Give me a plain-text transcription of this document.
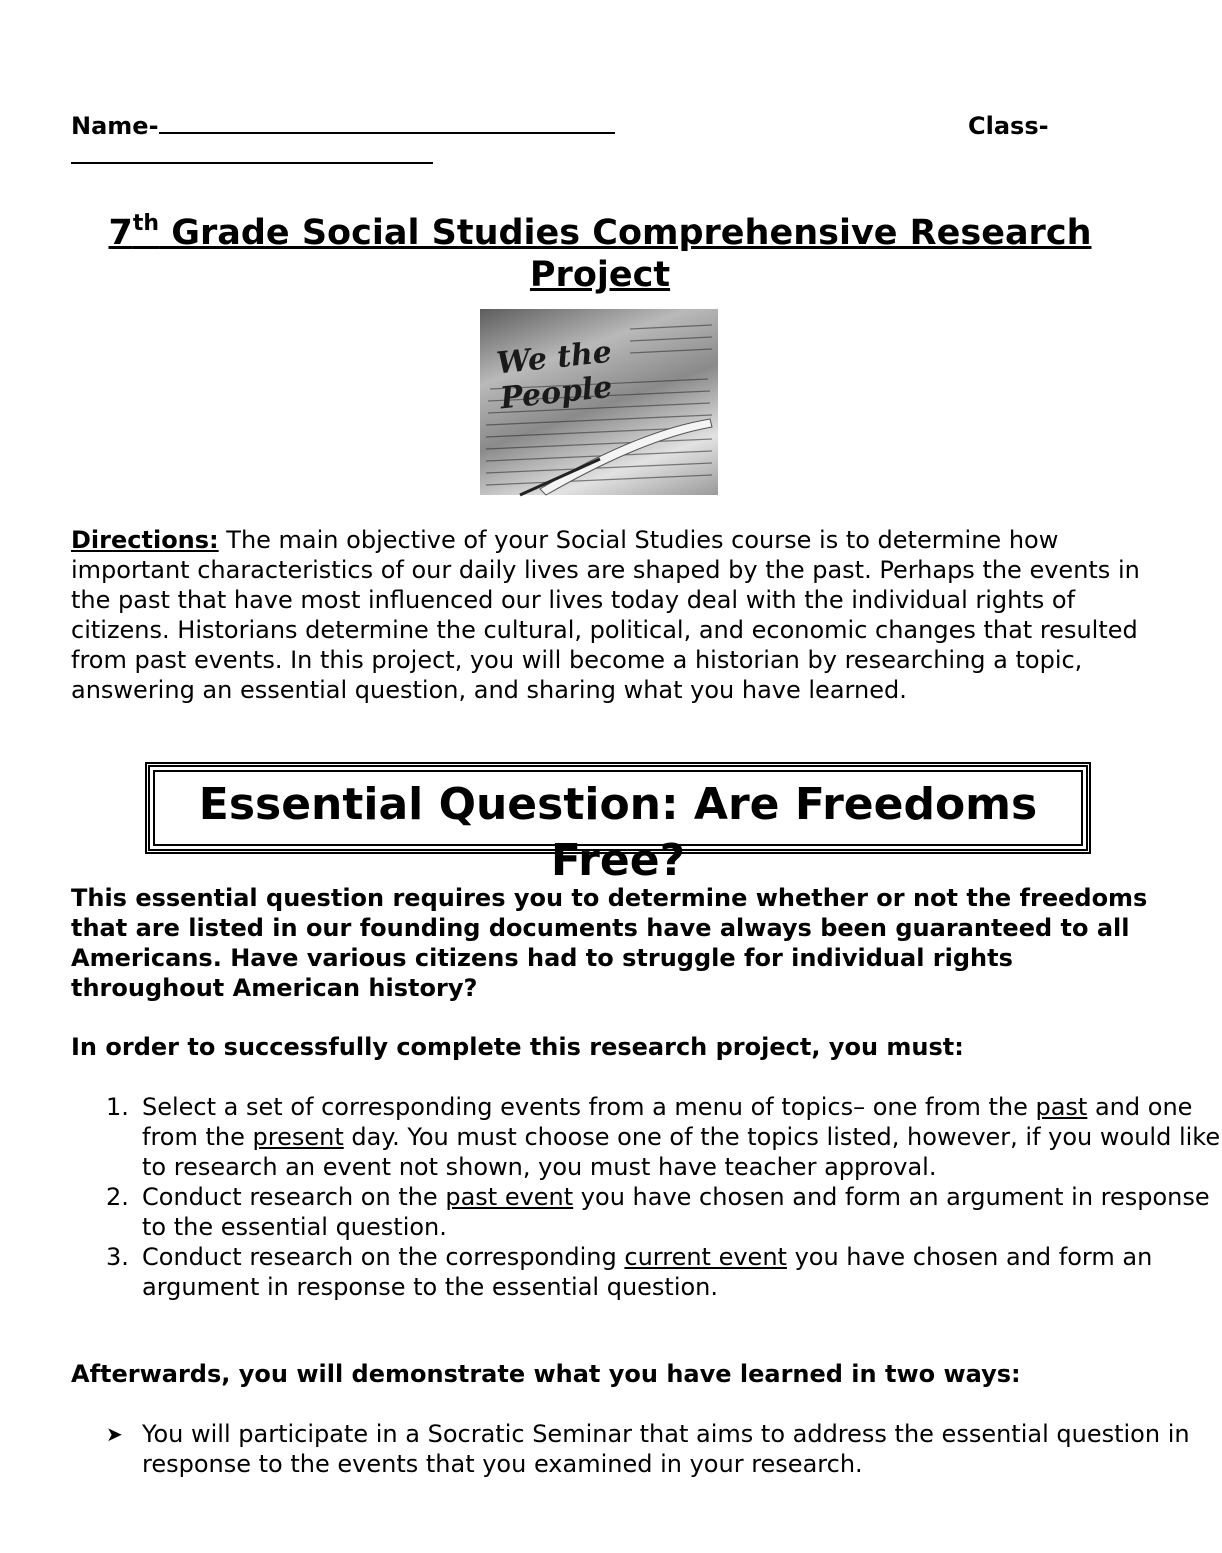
Name-	Class-
7th Grade Social Studies Comprehensive Research Project
We the People
Directions: The main objective of your Social Studies course is to determine how important characteristics of our daily lives are shaped by the past. Perhaps the events in the past that have most influenced our lives today deal with the individual rights of citizens. Historians determine the cultural, political, and economic changes that resulted from past events. In this project, you will become a historian by researching a topic, answering an essential question, and sharing what you have learned.
Essential Question: Are Freedoms Free?
This essential question requires you to determine whether or not the freedoms that are listed in our founding documents have always been guaranteed to all Americans. Have various citizens had to struggle for individual rights throughout American history?
In order to successfully complete this research project, you must:
Select a set of corresponding events from a menu of topics– one from the past and one from the present day. You must choose one of the topics listed, however, if you would like to research an event not shown, you must have teacher approval.
Conduct research on the past event you have chosen and form an argument in response to the essential question.
Conduct research on the corresponding current event you have chosen and form an argument in response to the essential question.
Afterwards, you will demonstrate what you have learned in two ways:
➤ You will participate in a Socratic Seminar that aims to address the essential question in response to the events that you examined in your research.
